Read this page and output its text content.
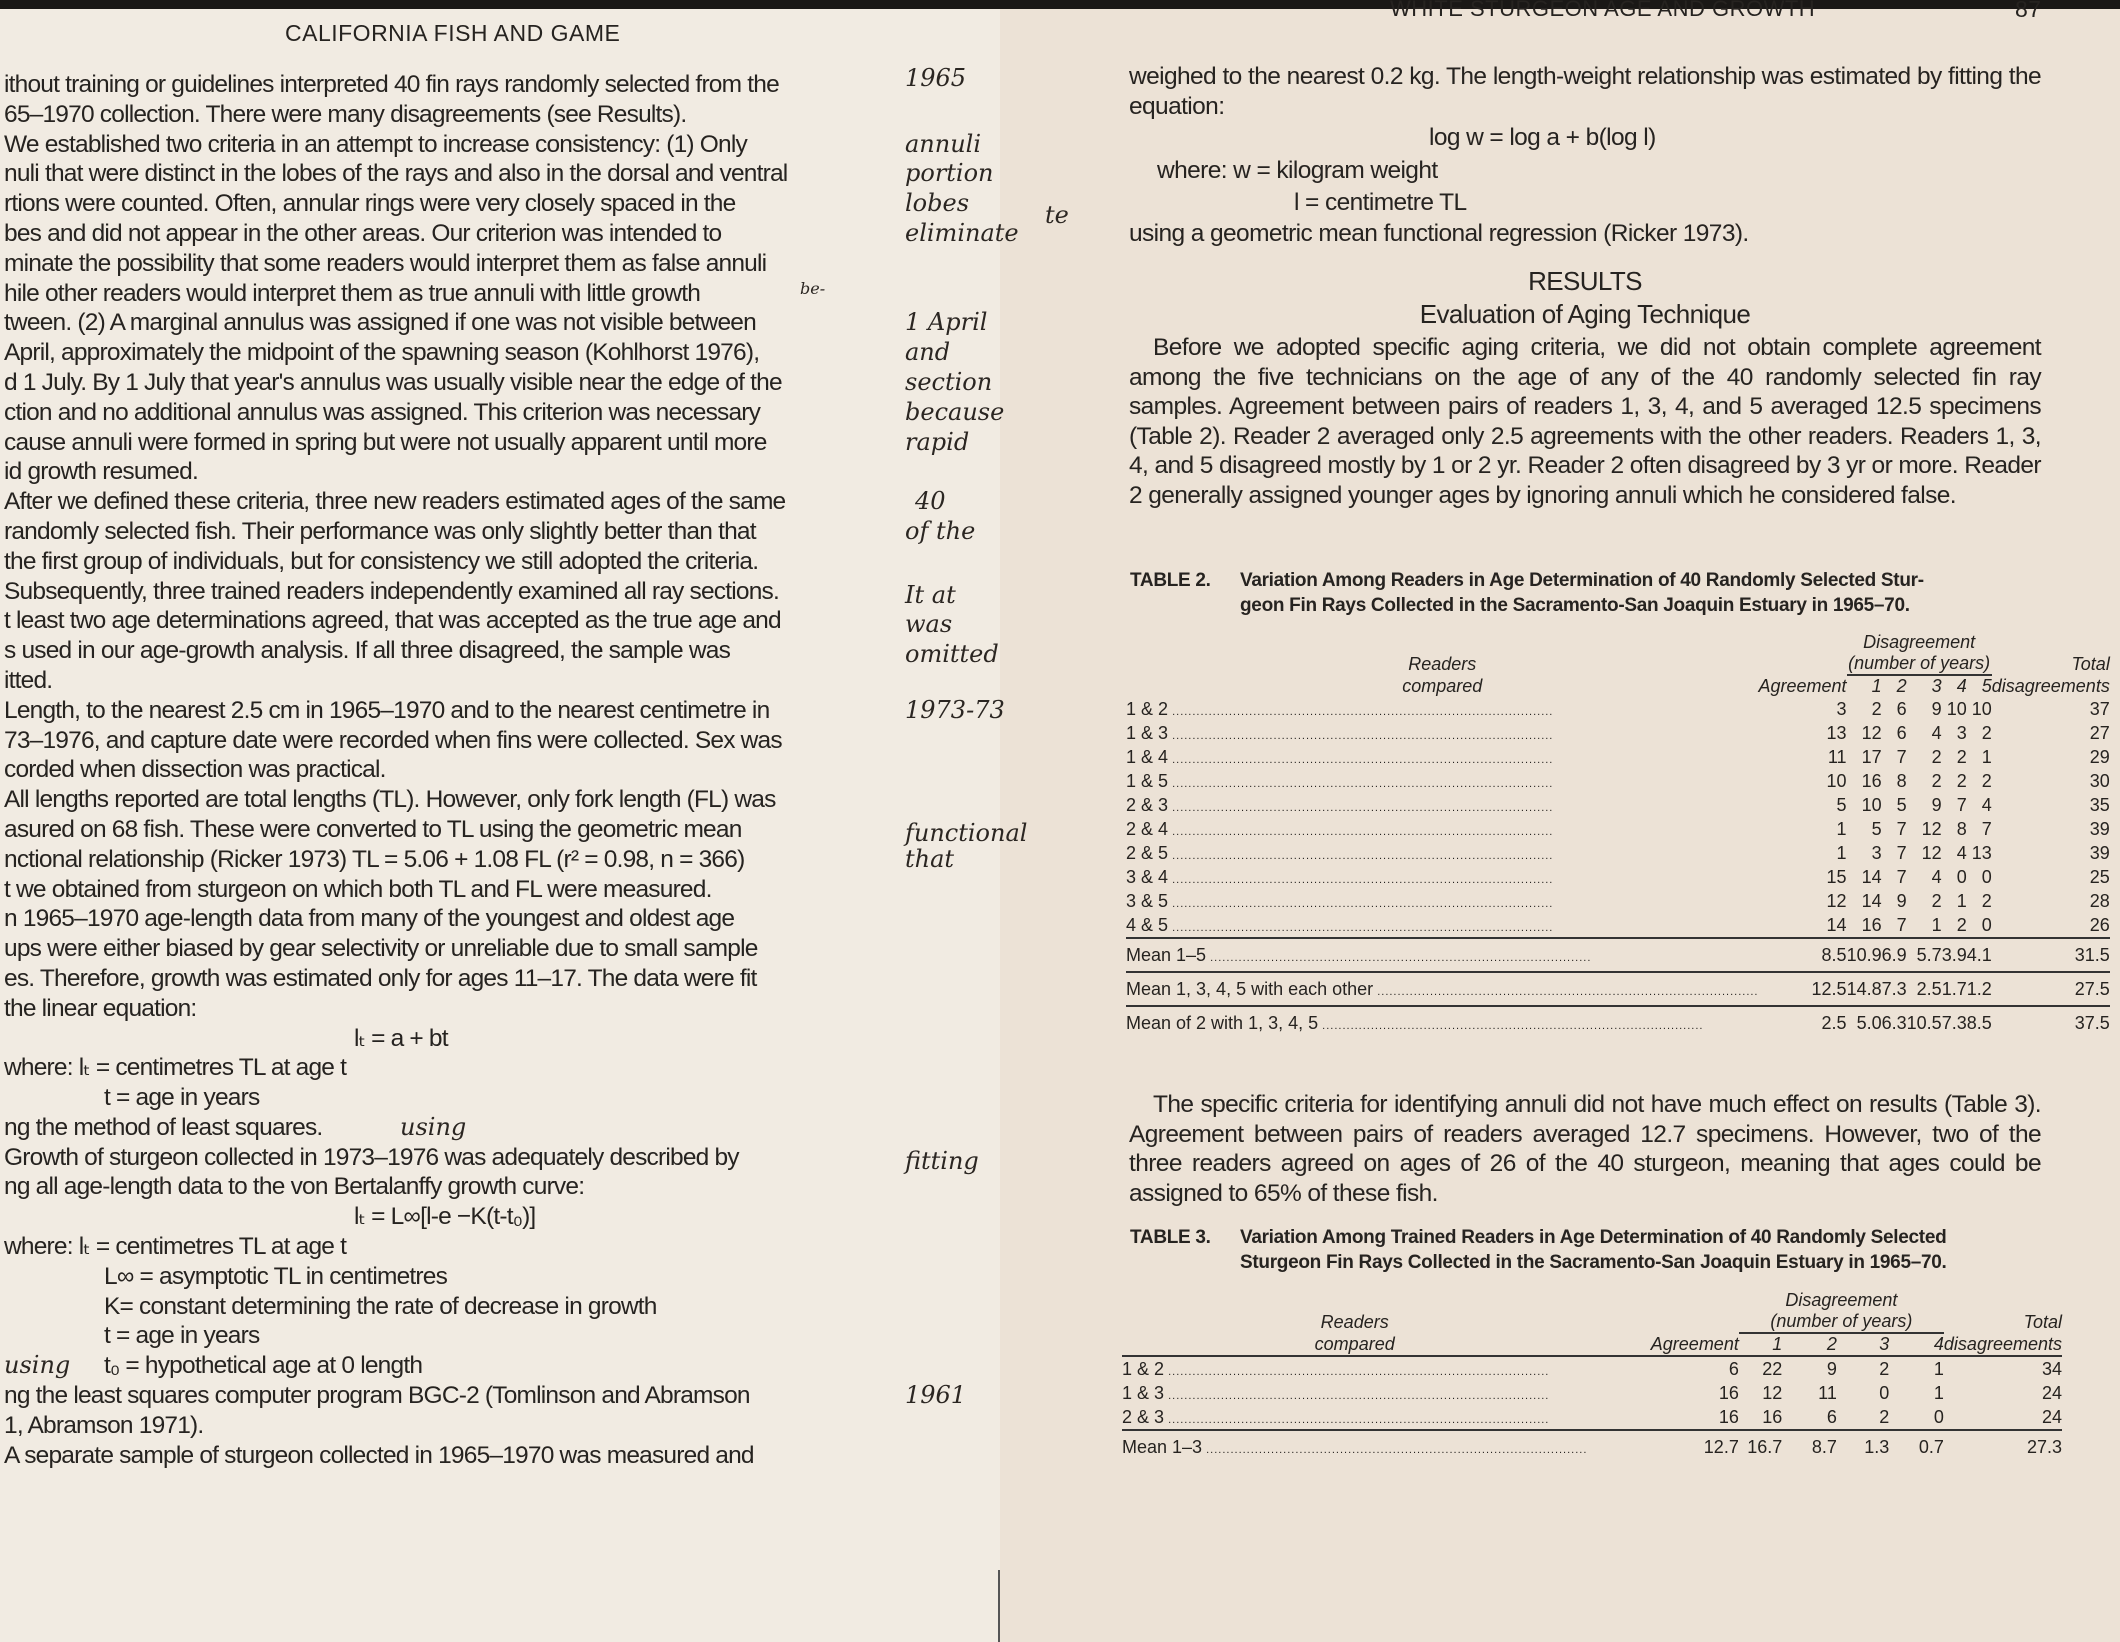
CALIFORNIA FISH AND GAME
WHITE STURGEON AGE AND GROWTH	87
ithout training or guidelines interpreted 40 fin rays randomly selected from the
65–1970 collection. There were many disagreements (see Results).
We established two criteria in an attempt to increase consistency: (1) Only
nuli that were distinct in the lobes of the rays and also in the dorsal and ventral
rtions were counted. Often, annular rings were very closely spaced in the
bes and did not appear in the other areas. Our criterion was intended to
minate the possibility that some readers would interpret them as false annuli
hile other readers would interpret them as true annuli with little growth
tween. (2) A marginal annulus was assigned if one was not visible between
April, approximately the midpoint of the spawning season (Kohlhorst 1976),
d 1 July. By 1 July that year's annulus was usually visible near the edge of the
ction and no additional annulus was assigned. This criterion was necessary
cause annuli were formed in spring but were not usually apparent until more
id growth resumed.
After we defined these criteria, three new readers estimated ages of the same
randomly selected fish. Their performance was only slightly better than that
the first group of individuals, but for consistency we still adopted the criteria.
Subsequently, three trained readers independently examined all ray sections.
t least two age determinations agreed, that was accepted as the true age and
s used in our age-growth analysis. If all three disagreed, the sample was
itted.
Length, to the nearest 2.5 cm in 1965–1970 and to the nearest centimetre in
73–1976, and capture date were recorded when fins were collected. Sex was
corded when dissection was practical.
All lengths reported are total lengths (TL). However, only fork length (FL) was
asured on 68 fish. These were converted to TL using the geometric mean
nctional relationship (Ricker 1973) TL = 5.06 + 1.08 FL (r² = 0.98, n = 366)
t we obtained from sturgeon on which both TL and FL were measured.
n 1965–1970 age-length data from many of the youngest and oldest age
ups were either biased by gear selectivity or unreliable due to small sample
es. Therefore, growth was estimated only for ages 11–17. The data were fit
the linear equation:
lₜ = a + bt
where: lₜ = centimetres TL at age t
t = age in years
ng the method of least squares.
Growth of sturgeon collected in 1973–1976 was adequately described by
ng all age-length data to the von Bertalanffy growth curve:
lₜ = L∞[l-e −K(t-t₀)]
where: lₜ = centimetres TL at age t
L∞ = asymptotic TL in centimetres
K= constant determining the rate of decrease in growth
t = age in years
t₀ = hypothetical age at 0 length
ng the least squares computer program BGC-2 (Tomlinson and Abramson
1, Abramson 1971).
A separate sample of sturgeon collected in 1965–1970 was measured and
1965
annuli
portion
lobes
eliminate
te
be-
1 April
and
section
because
rapid
40
of the
It at
was
omitted
1973-73
functional
that
using
fitting
using
1961
weighed to the nearest 0.2 kg. The length-weight relationship was estimated by fitting the equation:
log w = log a + b(log l)
where: w = kilogram weight
l = centimetre TL
using a geometric mean functional regression (Ricker 1973).
RESULTS
Evaluation of Aging Technique
Before we adopted specific aging criteria, we did not obtain complete agreement among the five technicians on the age of any of the 40 randomly selected fin ray samples. Agreement between pairs of readers 1, 3, 4, and 5 averaged 12.5 specimens (Table 2). Reader 2 averaged only 2.5 agreements with the other readers. Readers 1, 3, 4, and 5 disagreed mostly by 1 or 2 yr. Reader 2 often disagreed by 3 yr or more. Reader 2 generally assigned younger ages by ignoring annuli which he considered false.
TABLE 2. Variation Among Readers in Age Determination of 40 Randomly Selected Stur-
geon Fin Rays Collected in the Sacramento-San Joaquin Estuary in 1965–70.
		Disagreement					
Readers		(number of years)					Total
compared	Agreement	1	2	3	4	5	disagreements
1 & 2 .....	3	2	6	9	10	10	37
1 & 3 .....	13	12	6	4	3	2	27
1 & 4 .....	11	17	7	2	2	1	29
1 & 5 .....	10	16	8	2	2	2	30
2 & 3 .....	5	10	5	9	7	4	35
2 & 4 .....	1	5	7	12	8	7	39
2 & 5 .....	1	3	7	12	4	13	39
3 & 4 .....	15	14	7	4	0	0	25
3 & 5 .....	12	14	9	2	1	2	28
4 & 5 .....	14	16	7	1	2	0	26
Mean 1–5 .....	8.5	10.9	6.9	5.7	3.9	4.1	31.5
Mean 1, 3, 4, 5 with each other .....	12.5	14.8	7.3	2.5	1.7	1.2	27.5
Mean of 2 with 1, 3, 4, 5 .....	2.5	5.0	6.3	10.5	7.3	8.5	37.5
The specific criteria for identifying annuli did not have much effect on results (Table 3). Agreement between pairs of readers averaged 12.7 specimens. However, two of the three readers agreed on ages of 26 of the 40 sturgeon, meaning that ages could be assigned to 65% of these fish.
TABLE 3. Variation Among Trained Readers in Age Determination of 40 Randomly Selected
Sturgeon Fin Rays Collected in the Sacramento-San Joaquin Estuary in 1965–70.
		Disagreement				
Readers		(number of years)				Total
compared	Agreement	1	2	3	4	disagreements
1 & 2 .....	6	22	9	2	1	34
1 & 3 .....	16	12	11	0	1	24
2 & 3 .....	16	16	6	2	0	24
Mean 1–3 .....	12.7	16.7	8.7	1.3	0.7	27.3
